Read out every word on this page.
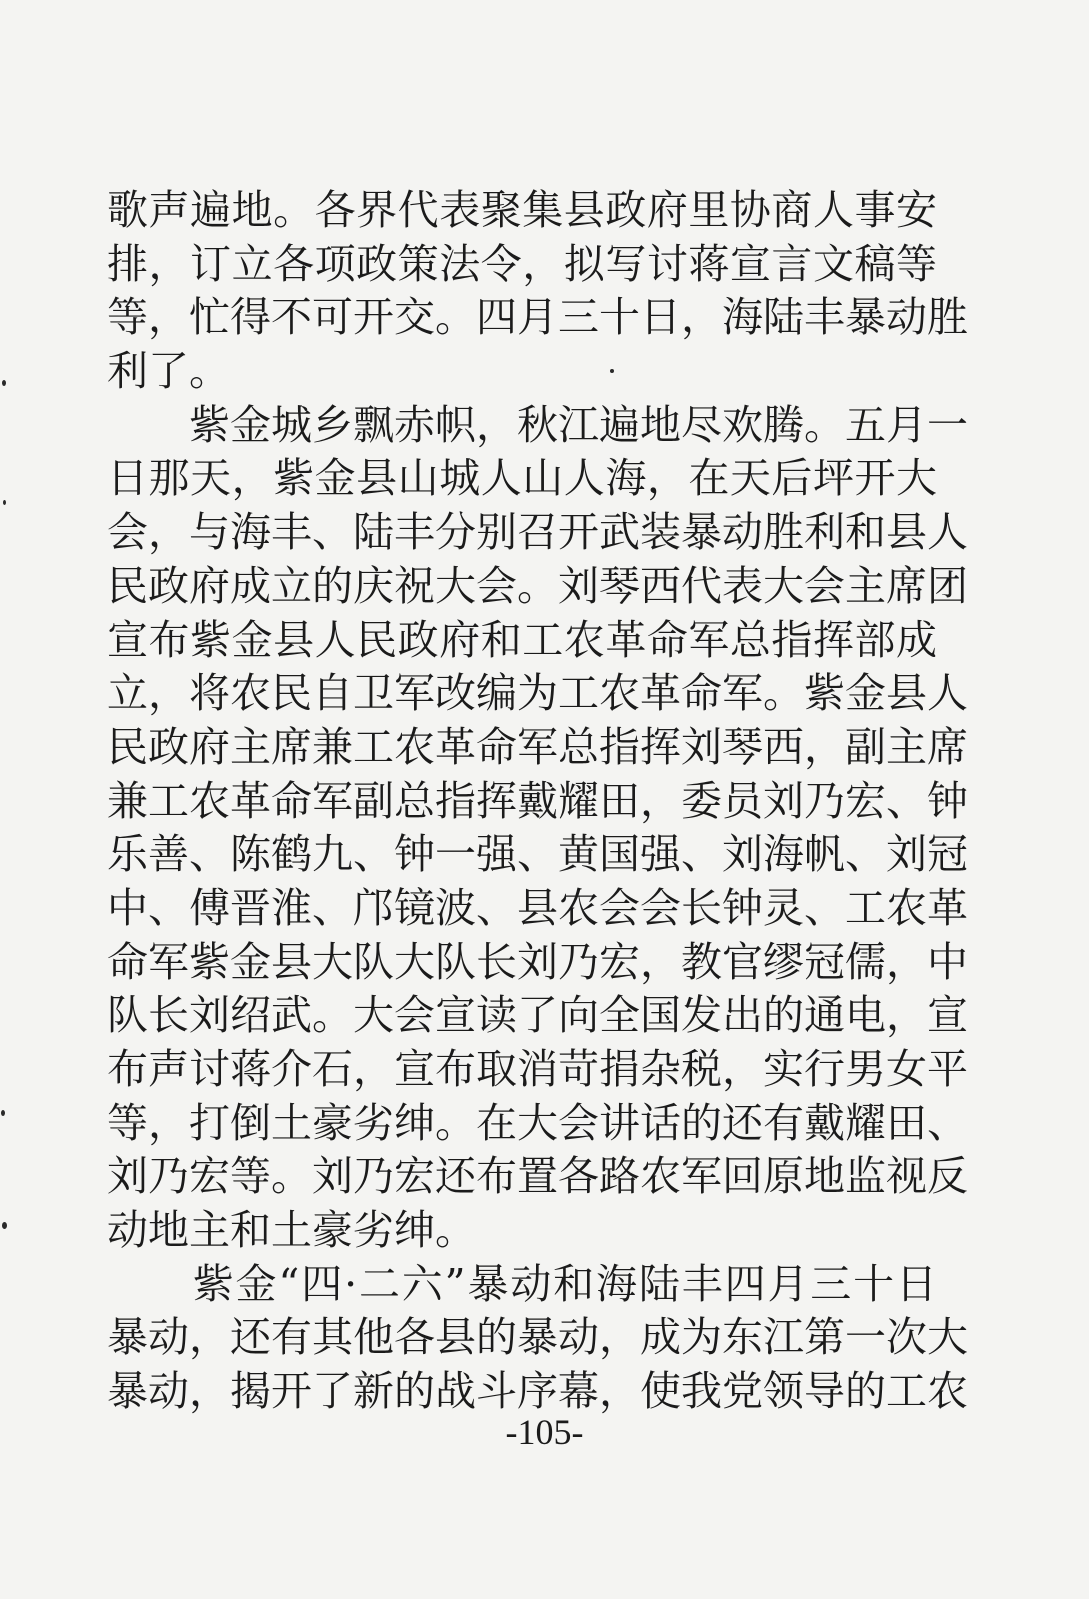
歌声遍地。各界代表聚集县政府里协商人事安
排，订立各项政策法令，拟写讨蒋宣言文稿等
等，忙得不可开交。四月三十日，海陆丰暴动胜
利了。
　　紫金城乡飘赤帜，秋江遍地尽欢腾。五月一
日那天，紫金县山城人山人海，在天后坪开大
会，与海丰、陆丰分别召开武装暴动胜利和县人
民政府成立的庆祝大会。刘琴西代表大会主席团
宣布紫金县人民政府和工农革命军总指挥部成
立，将农民自卫军改编为工农革命军。紫金县人
民政府主席兼工农革命军总指挥刘琴西，副主席
兼工农革命军副总指挥戴耀田，委员刘乃宏、钟
乐善、陈鹤九、钟一强、黄国强、刘海帆、刘冠
中、傅晋淮、邝镜波、县农会会长钟灵、工农革
命军紫金县大队大队长刘乃宏，教官缪冠儒，中
队长刘绍武。大会宣读了向全国发出的通电，宣
布声讨蒋介石，宣布取消苛捐杂税，实行男女平
等，打倒土豪劣绅。在大会讲话的还有戴耀田、
刘乃宏等。刘乃宏还布置各路农军回原地监视反
动地主和土豪劣绅。
　　紫金“四·二六”暴动和海陆丰四月三十日
暴动，还有其他各县的暴动，成为东江第一次大
暴动，揭开了新的战斗序幕，使我党领导的工农
-105-
